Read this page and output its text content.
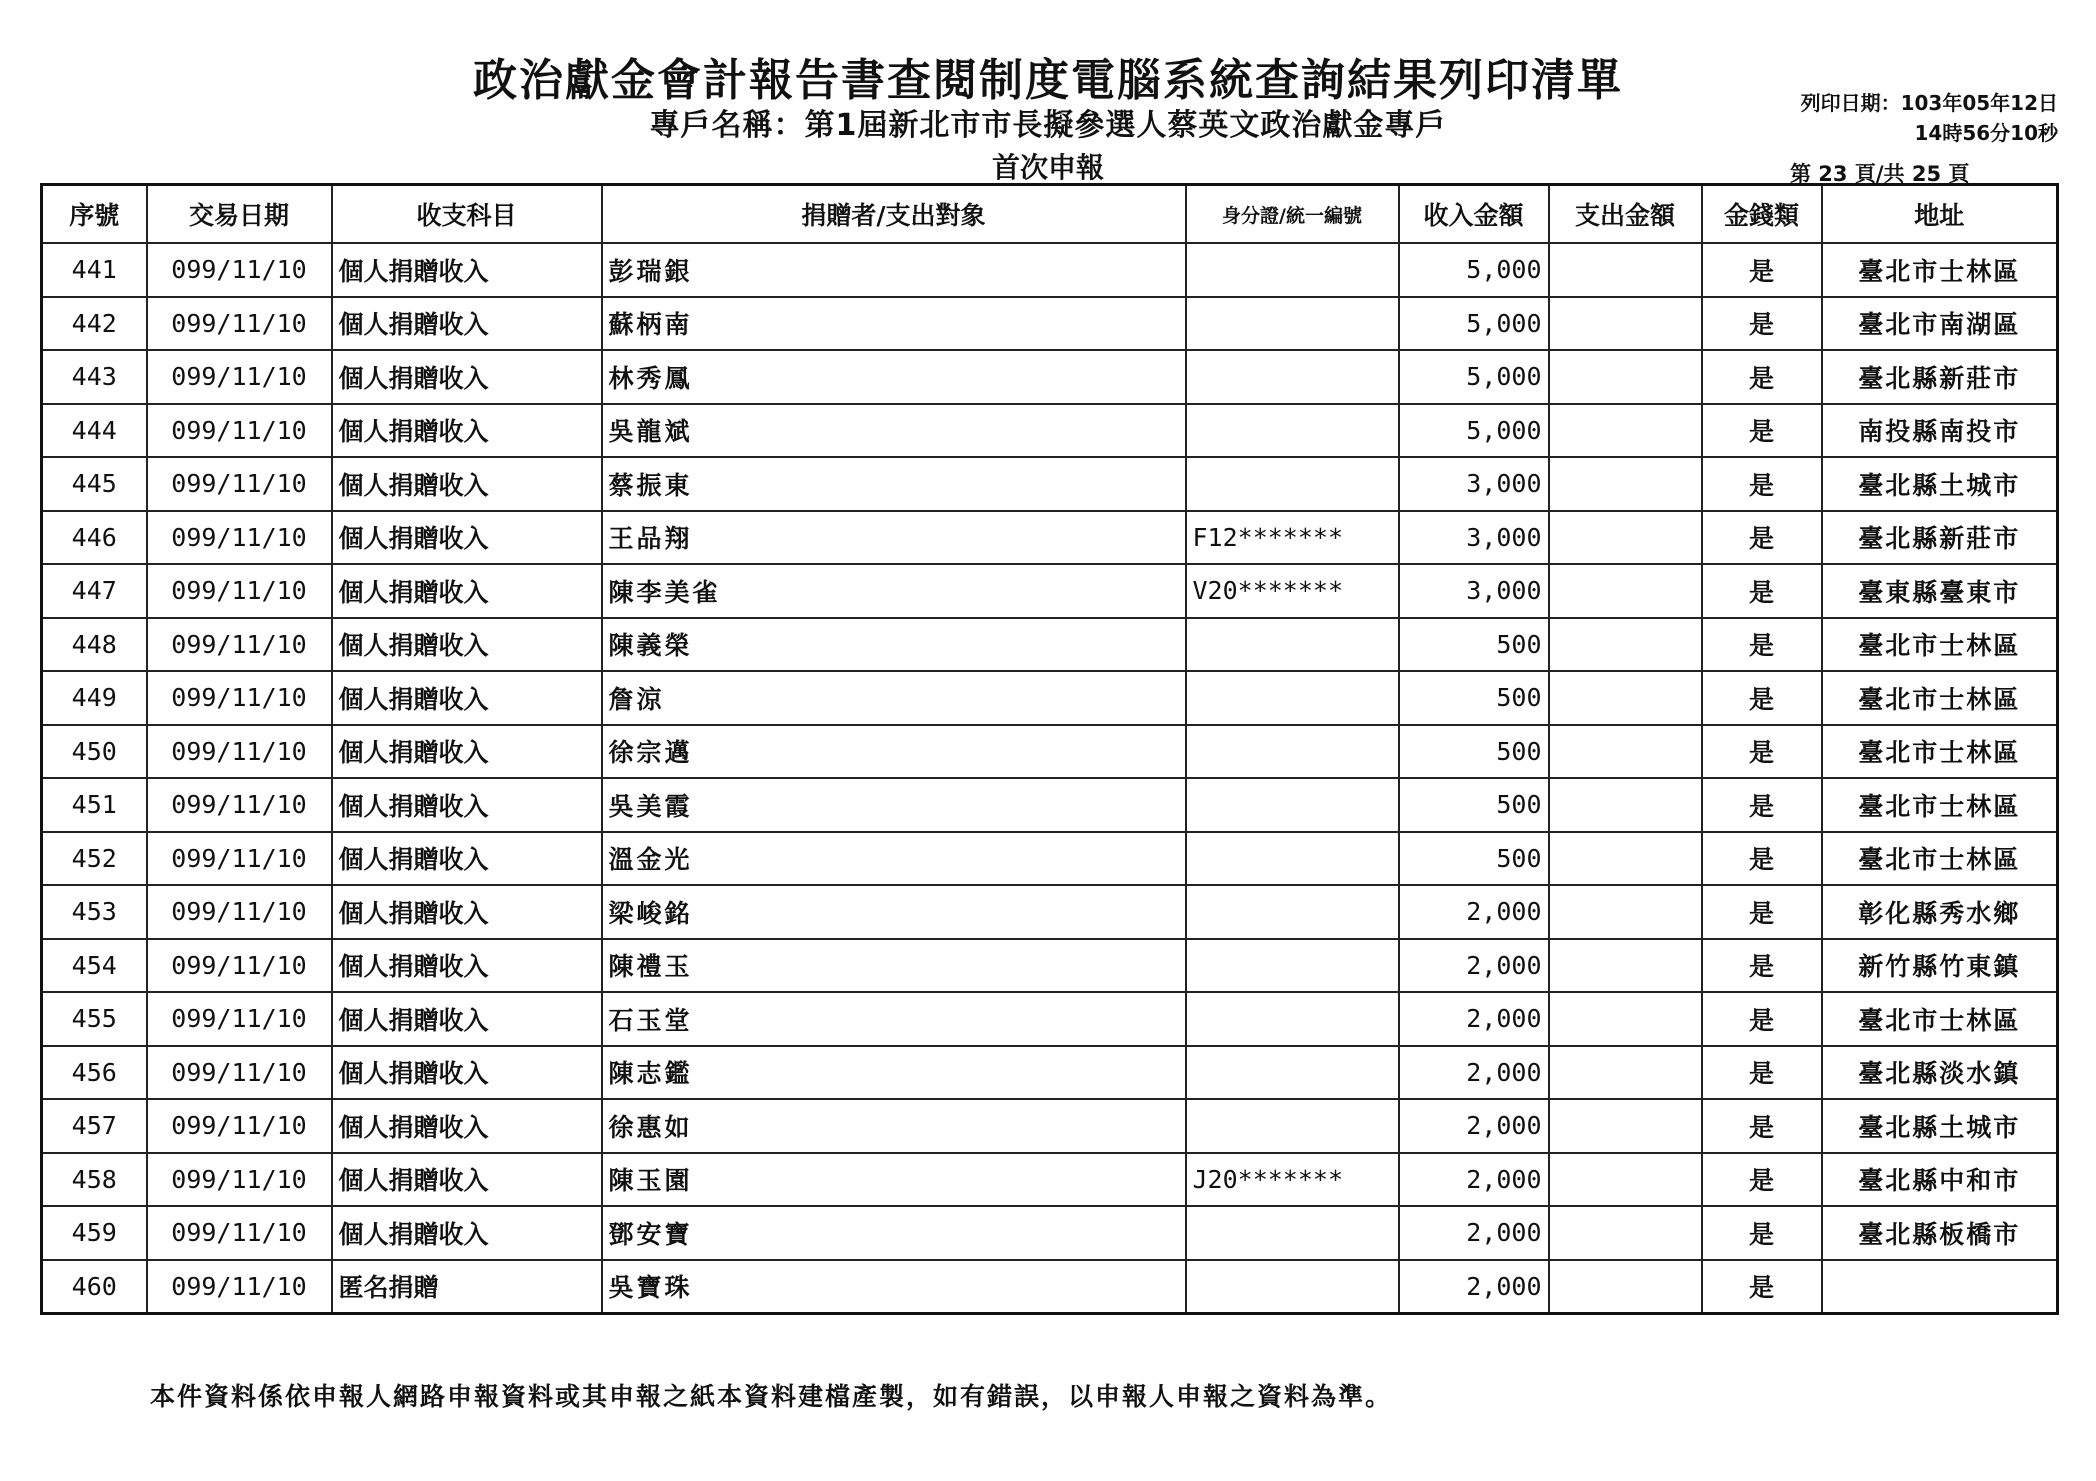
政治獻金會計報告書查閱制度電腦系統查詢結果列印清單
專戶名稱：第1屆新北市市長擬參選人蔡英文政治獻金專戶
首次申報
列印日期：103年05年12日
14時56分10秒
第 23 頁/共 25 頁
序號	交易日期	收支科目	捐贈者/支出對象	身分證/統一編號	收入金額	支出金額	金錢類	地址
441	099/11/10	個人捐贈收入	彭瑞銀		5,000		是	臺北市士林區
442	099/11/10	個人捐贈收入	蘇柄南		5,000		是	臺北市南湖區
443	099/11/10	個人捐贈收入	林秀鳳		5,000		是	臺北縣新莊市
444	099/11/10	個人捐贈收入	吳龍斌		5,000		是	南投縣南投市
445	099/11/10	個人捐贈收入	蔡振東		3,000		是	臺北縣土城市
446	099/11/10	個人捐贈收入	王品翔	F12*******	3,000		是	臺北縣新莊市
447	099/11/10	個人捐贈收入	陳李美雀	V20*******	3,000		是	臺東縣臺東市
448	099/11/10	個人捐贈收入	陳義榮		500		是	臺北市士林區
449	099/11/10	個人捐贈收入	詹涼		500		是	臺北市士林區
450	099/11/10	個人捐贈收入	徐宗邁		500		是	臺北市士林區
451	099/11/10	個人捐贈收入	吳美霞		500		是	臺北市士林區
452	099/11/10	個人捐贈收入	溫金光		500		是	臺北市士林區
453	099/11/10	個人捐贈收入	梁峻銘		2,000		是	彰化縣秀水鄉
454	099/11/10	個人捐贈收入	陳禮玉		2,000		是	新竹縣竹東鎮
455	099/11/10	個人捐贈收入	石玉堂		2,000		是	臺北市士林區
456	099/11/10	個人捐贈收入	陳志鑑		2,000		是	臺北縣淡水鎮
457	099/11/10	個人捐贈收入	徐惠如		2,000		是	臺北縣土城市
458	099/11/10	個人捐贈收入	陳玉園	J20*******	2,000		是	臺北縣中和市
459	099/11/10	個人捐贈收入	鄧安寶		2,000		是	臺北縣板橋市
460	099/11/10	匿名捐贈	吳寶珠		2,000		是	
本件資料係依申報人網路申報資料或其申報之紙本資料建檔產製，如有錯誤，以申報人申報之資料為準。
